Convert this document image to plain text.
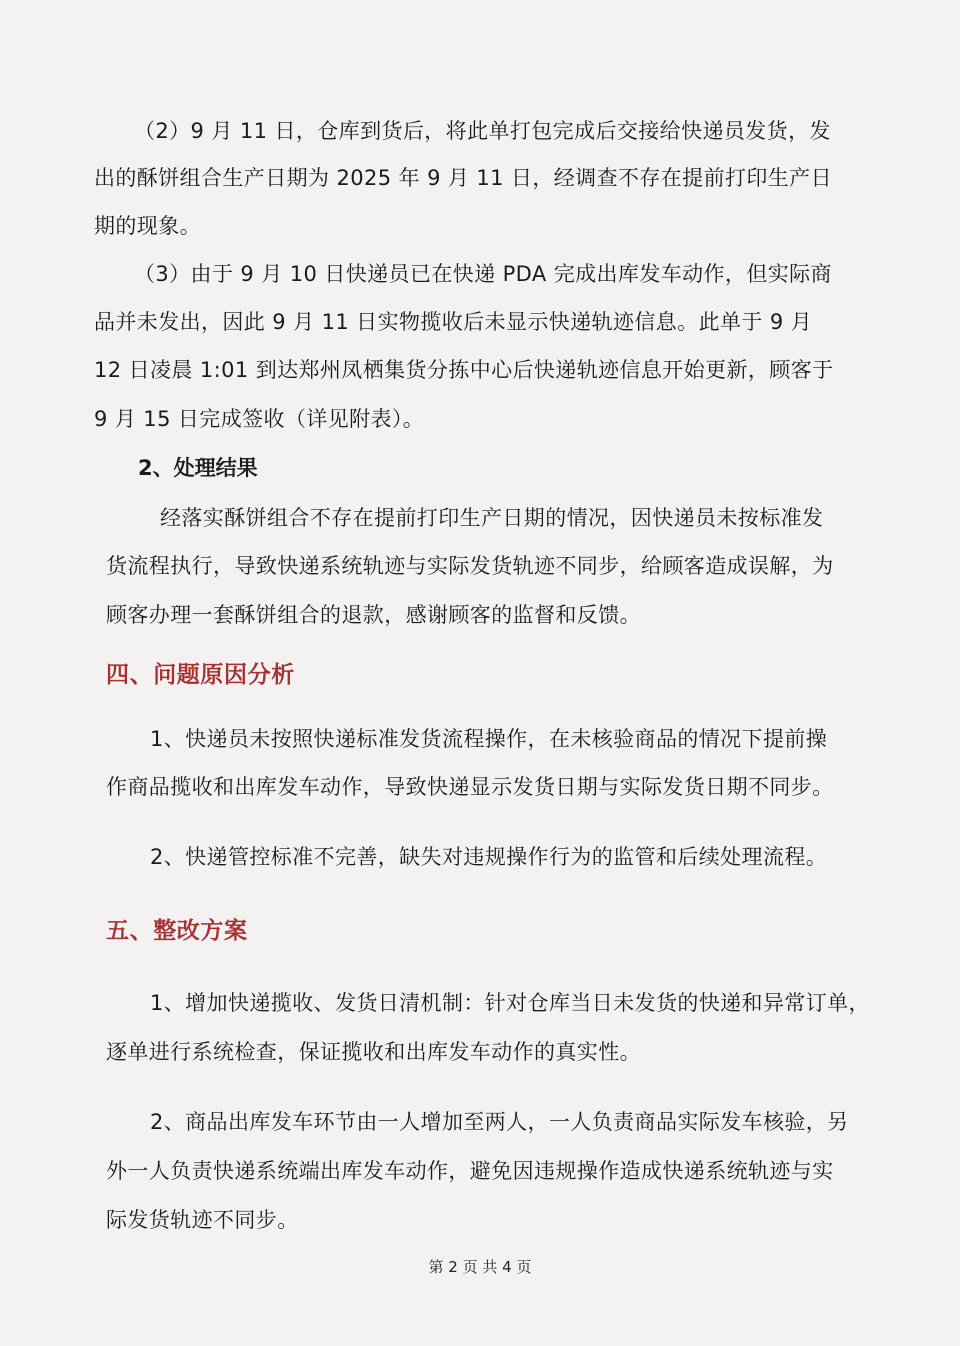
（2）9 月 11 日，仓库到货后，将此单打包完成后交接给快递员发货，发
出的酥饼组合生产日期为 2025 年 9 月 11 日，经调查不存在提前打印生产日
期的现象。
（3）由于 9 月 10 日快递员已在快递 PDA 完成出库发车动作，但实际商
品并未发出，因此 9 月 11 日实物揽收后未显示快递轨迹信息。此单于 9 月
12 日凌晨 1:01 到达郑州凤栖集货分拣中心后快递轨迹信息开始更新，顾客于
9 月 15 日完成签收（详见附表）。
2、处理结果
经落实酥饼组合不存在提前打印生产日期的情况，因快递员未按标准发
货流程执行，导致快递系统轨迹与实际发货轨迹不同步，给顾客造成误解，为
顾客办理一套酥饼组合的退款，感谢顾客的监督和反馈。
四、问题原因分析
1、快递员未按照快递标准发货流程操作，在未核验商品的情况下提前操
作商品揽收和出库发车动作，导致快递显示发货日期与实际发货日期不同步。
2、快递管控标准不完善，缺失对违规操作行为的监管和后续处理流程。
五、整改方案
1、增加快递揽收、发货日清机制：针对仓库当日未发货的快递和异常订单，
逐单进行系统检查，保证揽收和出库发车动作的真实性。
2、商品出库发车环节由一人增加至两人，一人负责商品实际发车核验，另
外一人负责快递系统端出库发车动作，避免因违规操作造成快递系统轨迹与实
际发货轨迹不同步。
第 2 页 共 4 页
